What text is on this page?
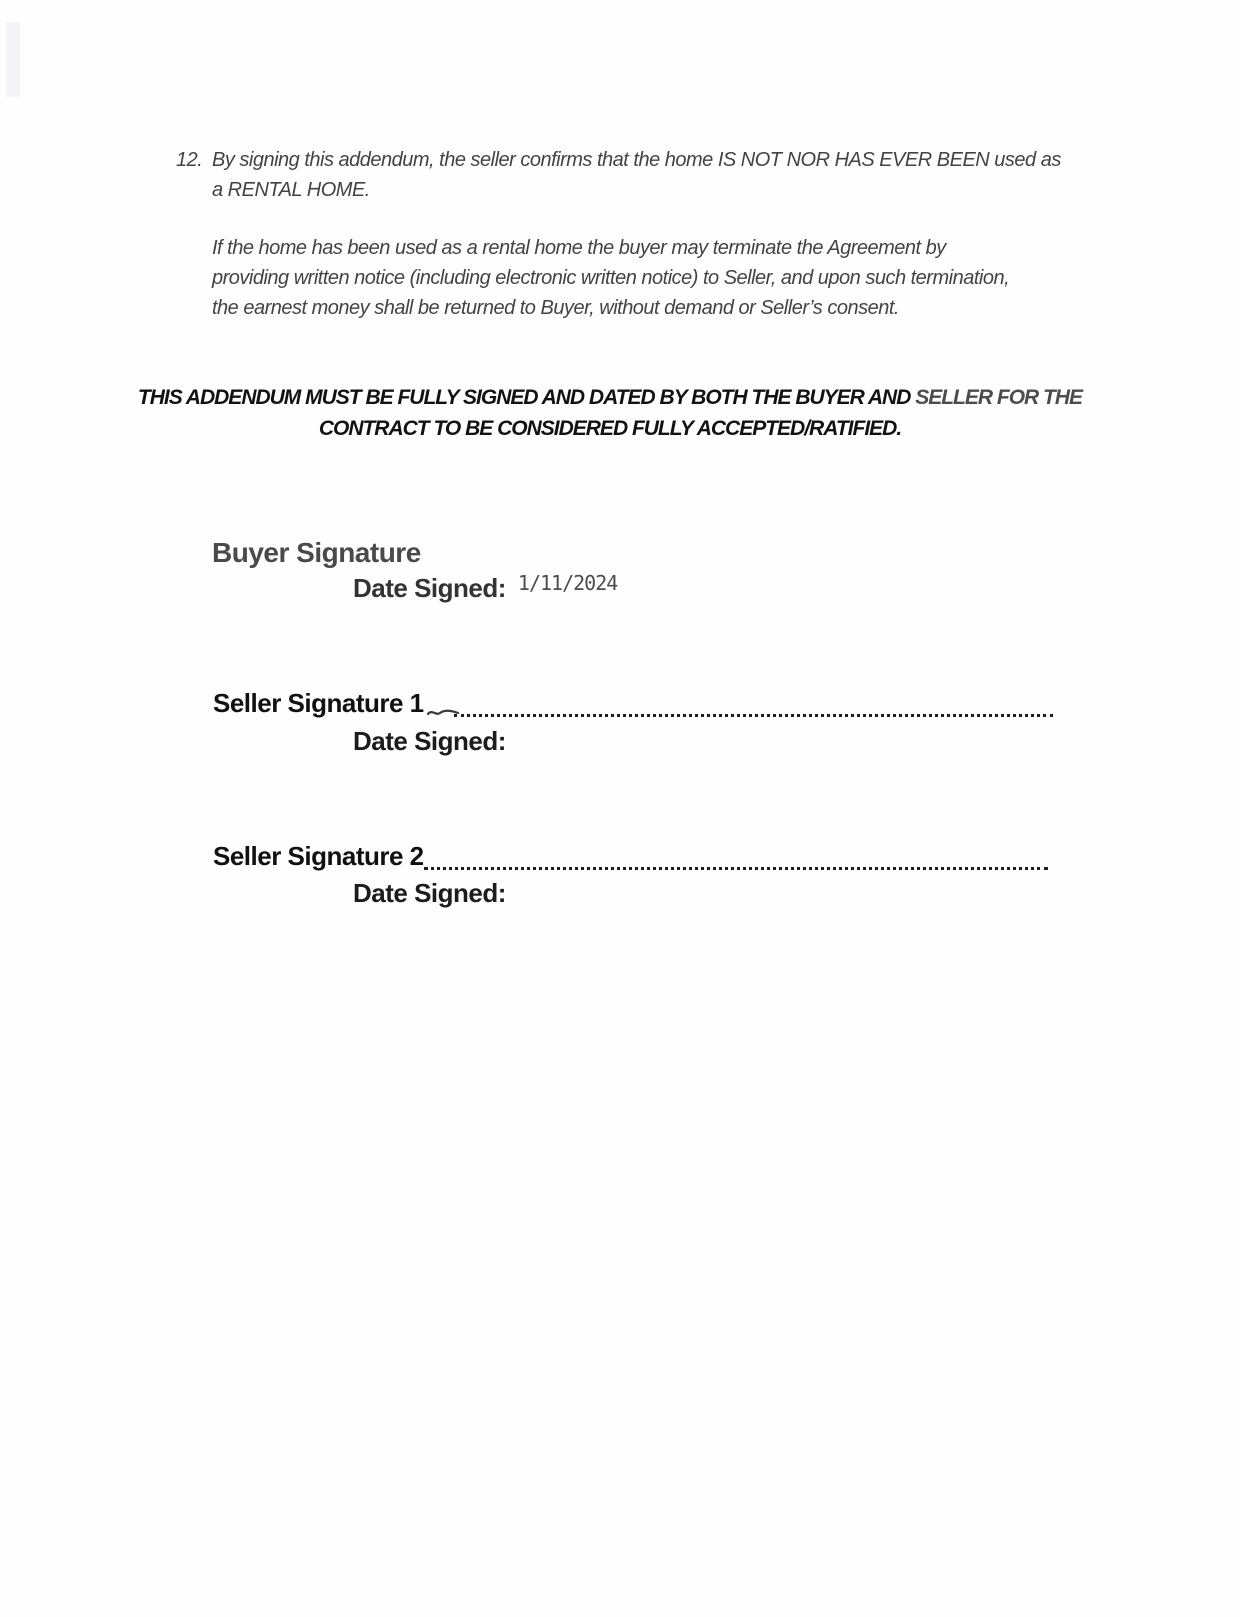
12. By signing this addendum, the seller confirms that the home IS NOT NOR HAS EVER BEEN used as
a RENTAL HOME.
If the home has been used as a rental home the buyer may terminate the Agreement by
providing written notice (including electronic written notice) to Seller, and upon such termination,
the earnest money shall be returned to Buyer, without demand or Seller’s consent.
THIS ADDENDUM MUST BE FULLY SIGNED AND DATED BY BOTH THE BUYER AND SELLER FOR THE
CONTRACT TO BE CONSIDERED FULLY ACCEPTED/RATIFIED.
Buyer Signature
Date Signed: 1/11/2024
Seller Signature 1
Date Signed:
Seller Signature 2
Date Signed:
